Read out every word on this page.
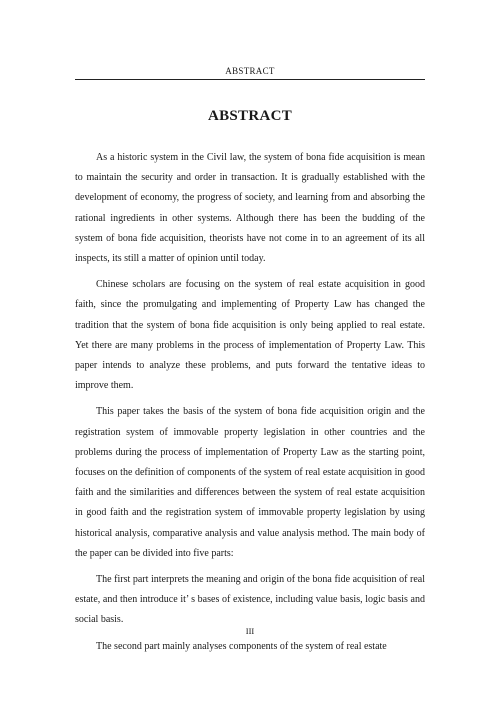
ABSTRACT
ABSTRACT

As a historic system in the Civil law, the system of bona fide acquisition is mean to maintain the security and order in transaction. It is gradually established with the development of economy, the progress of society, and learning from and absorbing the rational ingredients in other systems. Although there has been the budding of the system of bona fide acquisition, theorists have not come in to an agreement of its all inspects, its still a matter of opinion until today.

Chinese scholars are focusing on the system of real estate acquisition in good faith, since the promulgating and implementing of Property Law has changed the tradition that the system of bona fide acquisition is only being applied to real estate. Yet there are many problems in the process of implementation of Property Law. This paper intends to analyze these problems, and puts forward the tentative ideas to improve them.

This paper takes the basis of the system of bona fide acquisition origin and the registration system of immovable property legislation in other countries and the problems during the process of implementation of Property Law as the starting point, focuses on the definition of components of the system of real estate acquisition in good faith and the similarities and differences between the system of real estate acquisition in good faith and the registration system of immovable property legislation by using historical analysis, comparative analysis and value analysis method. The main body of the paper can be divided into five parts:

The first part interprets the meaning and origin of the bona fide acquisition of real estate, and then introduce it’ s bases of existence, including value basis, logic basis and social basis.

The second part mainly analyses components of the system of real estate

III
